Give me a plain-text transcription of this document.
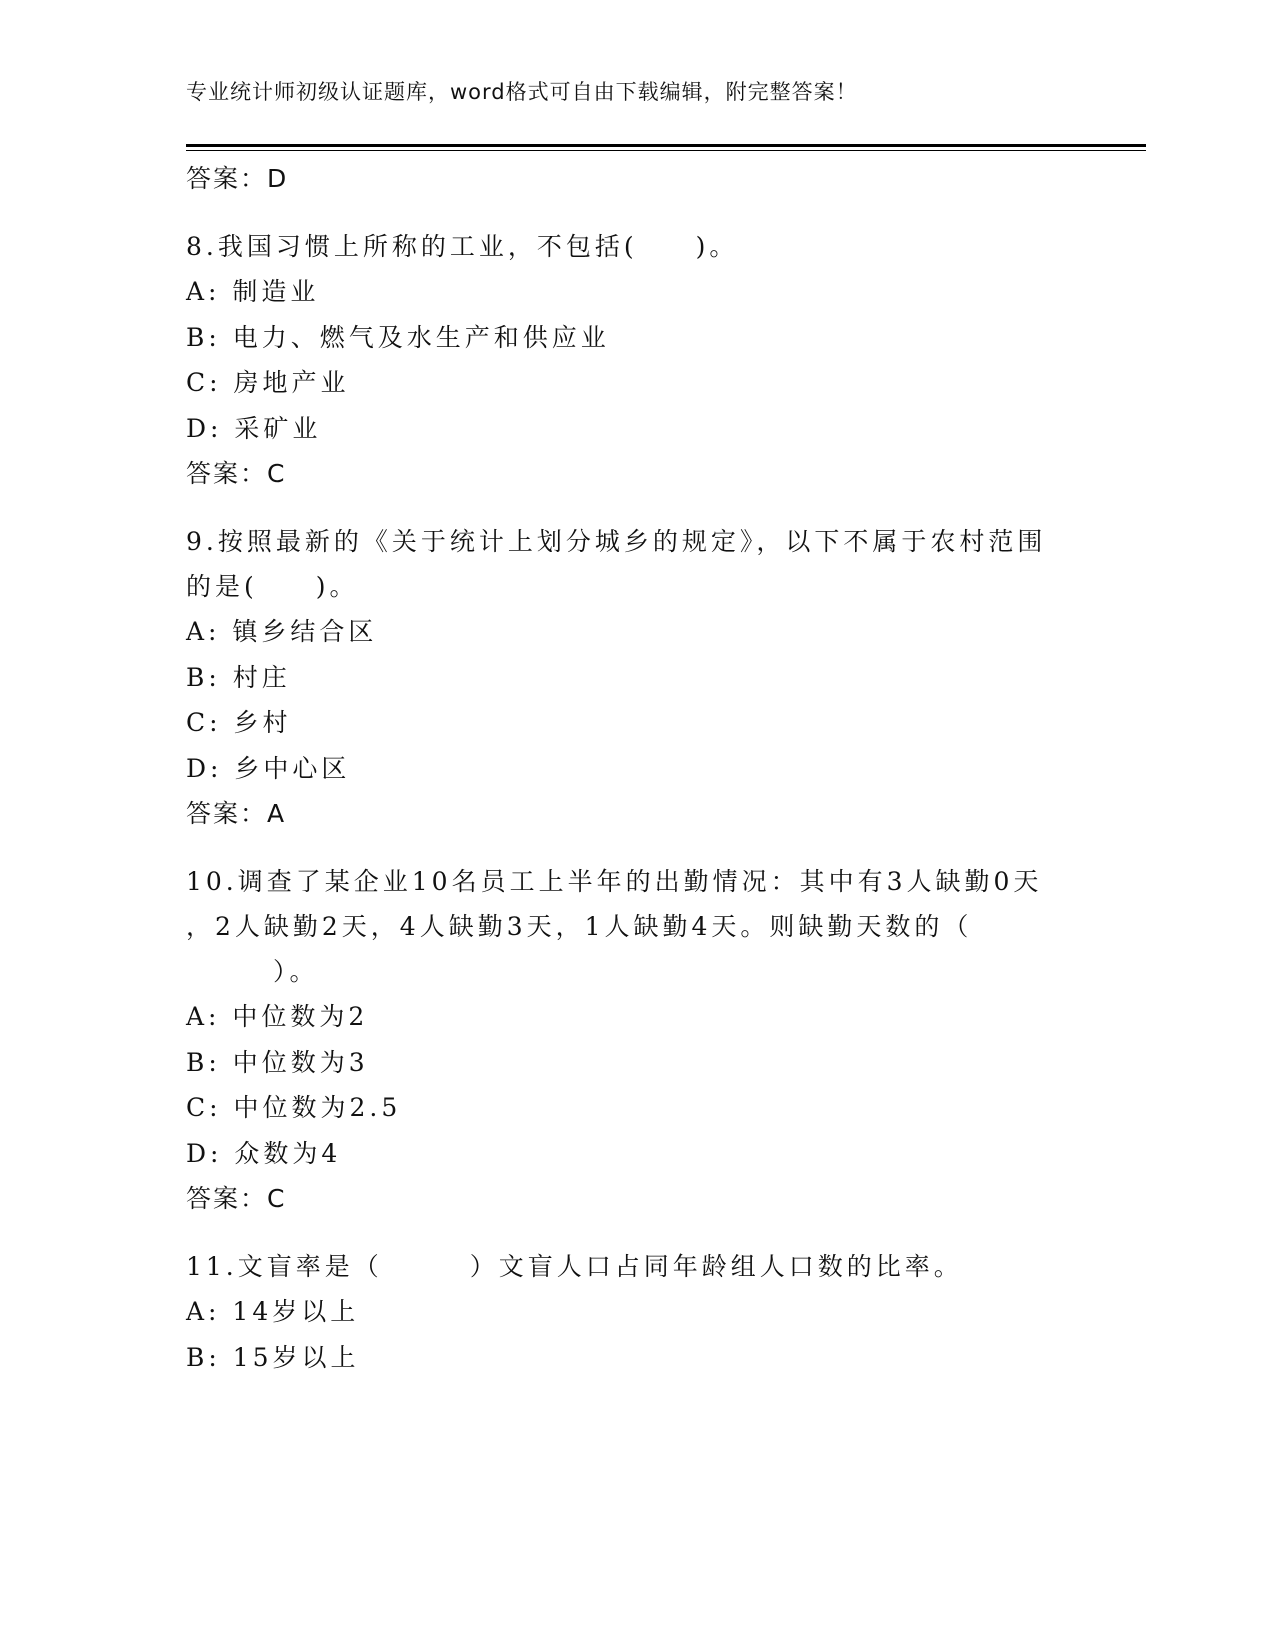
专业统计师初级认证题库，word格式可自由下载编辑，附完整答案！
答案：D
8.我国习惯上所称的工业，不包括(　　)。
A: 制造业
B: 电力、燃气及水生产和供应业
C: 房地产业
D: 采矿业
答案：C
9.按照最新的《关于统计上划分城乡的规定》，以下不属于农村范围
的是(　　)。
A: 镇乡结合区
B: 村庄
C: 乡村
D: 乡中心区
答案：A
10.调查了某企业10名员工上半年的出勤情况：其中有3人缺勤0天
，2人缺勤2天，4人缺勤3天，1人缺勤4天。则缺勤天数的（
　　　）。
A: 中位数为2
B: 中位数为3
C: 中位数为2.5
D: 众数为4
答案：C
11.文盲率是（　　　）文盲人口占同年龄组人口数的比率。
A: 14岁以上
B: 15岁以上
